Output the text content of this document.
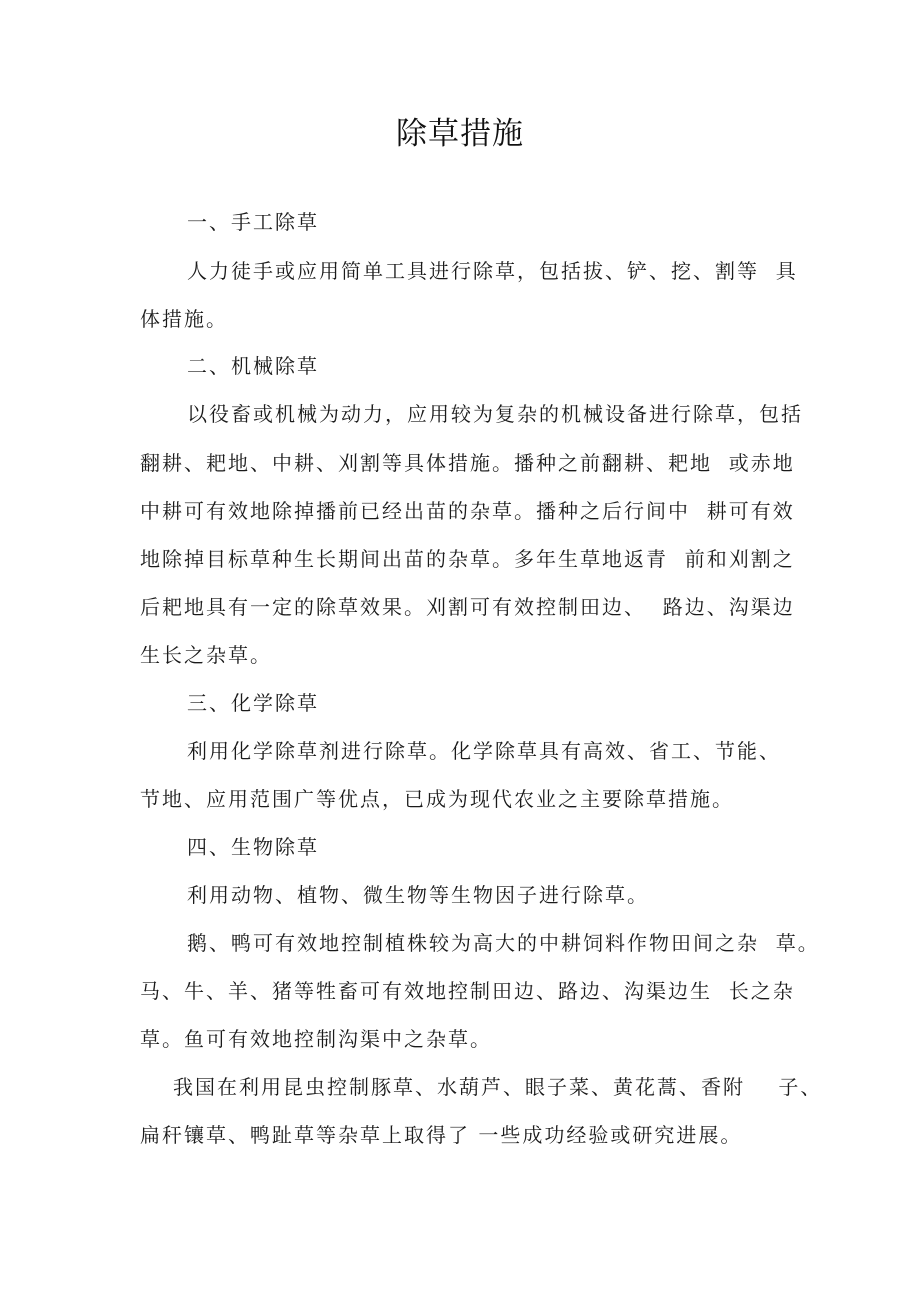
除草措施
一、手工除草
人力徒手或应用简单工具进行除草，包括拔、铲、挖、割等  具
体措施。
二、机械除草
以役畜或机械为动力，应用较为复杂的机械设备进行除草，包括
翻耕、耙地、中耕、刈割等具体措施。播种之前翻耕、耙地  或赤地
中耕可有效地除掉播前已经出苗的杂草。播种之后行间中  耕可有效
地除掉目标草种生长期间出苗的杂草。多年生草地返青  前和刈割之
后耙地具有一定的除草效果。刈割可有效控制田边、  路边、沟渠边
生长之杂草。
三、化学除草
利用化学除草剂进行除草。化学除草具有高效、省工、节能、
节地、应用范围广等优点，已成为现代农业之主要除草措施。
四、生物除草
利用动物、植物、微生物等生物因子进行除草。
鹅、鸭可有效地控制植株较为高大的中耕饲料作物田间之杂  草。
马、牛、羊、猪等牲畜可有效地控制田边、路边、沟渠边生  长之杂
草。鱼可有效地控制沟渠中之杂草。
我国在利用昆虫控制豚草、水葫芦、眼子菜、黄花蒿、香附    子、
扁秆镶草、鸭趾草等杂草上取得了 一些成功经验或研究进展。
